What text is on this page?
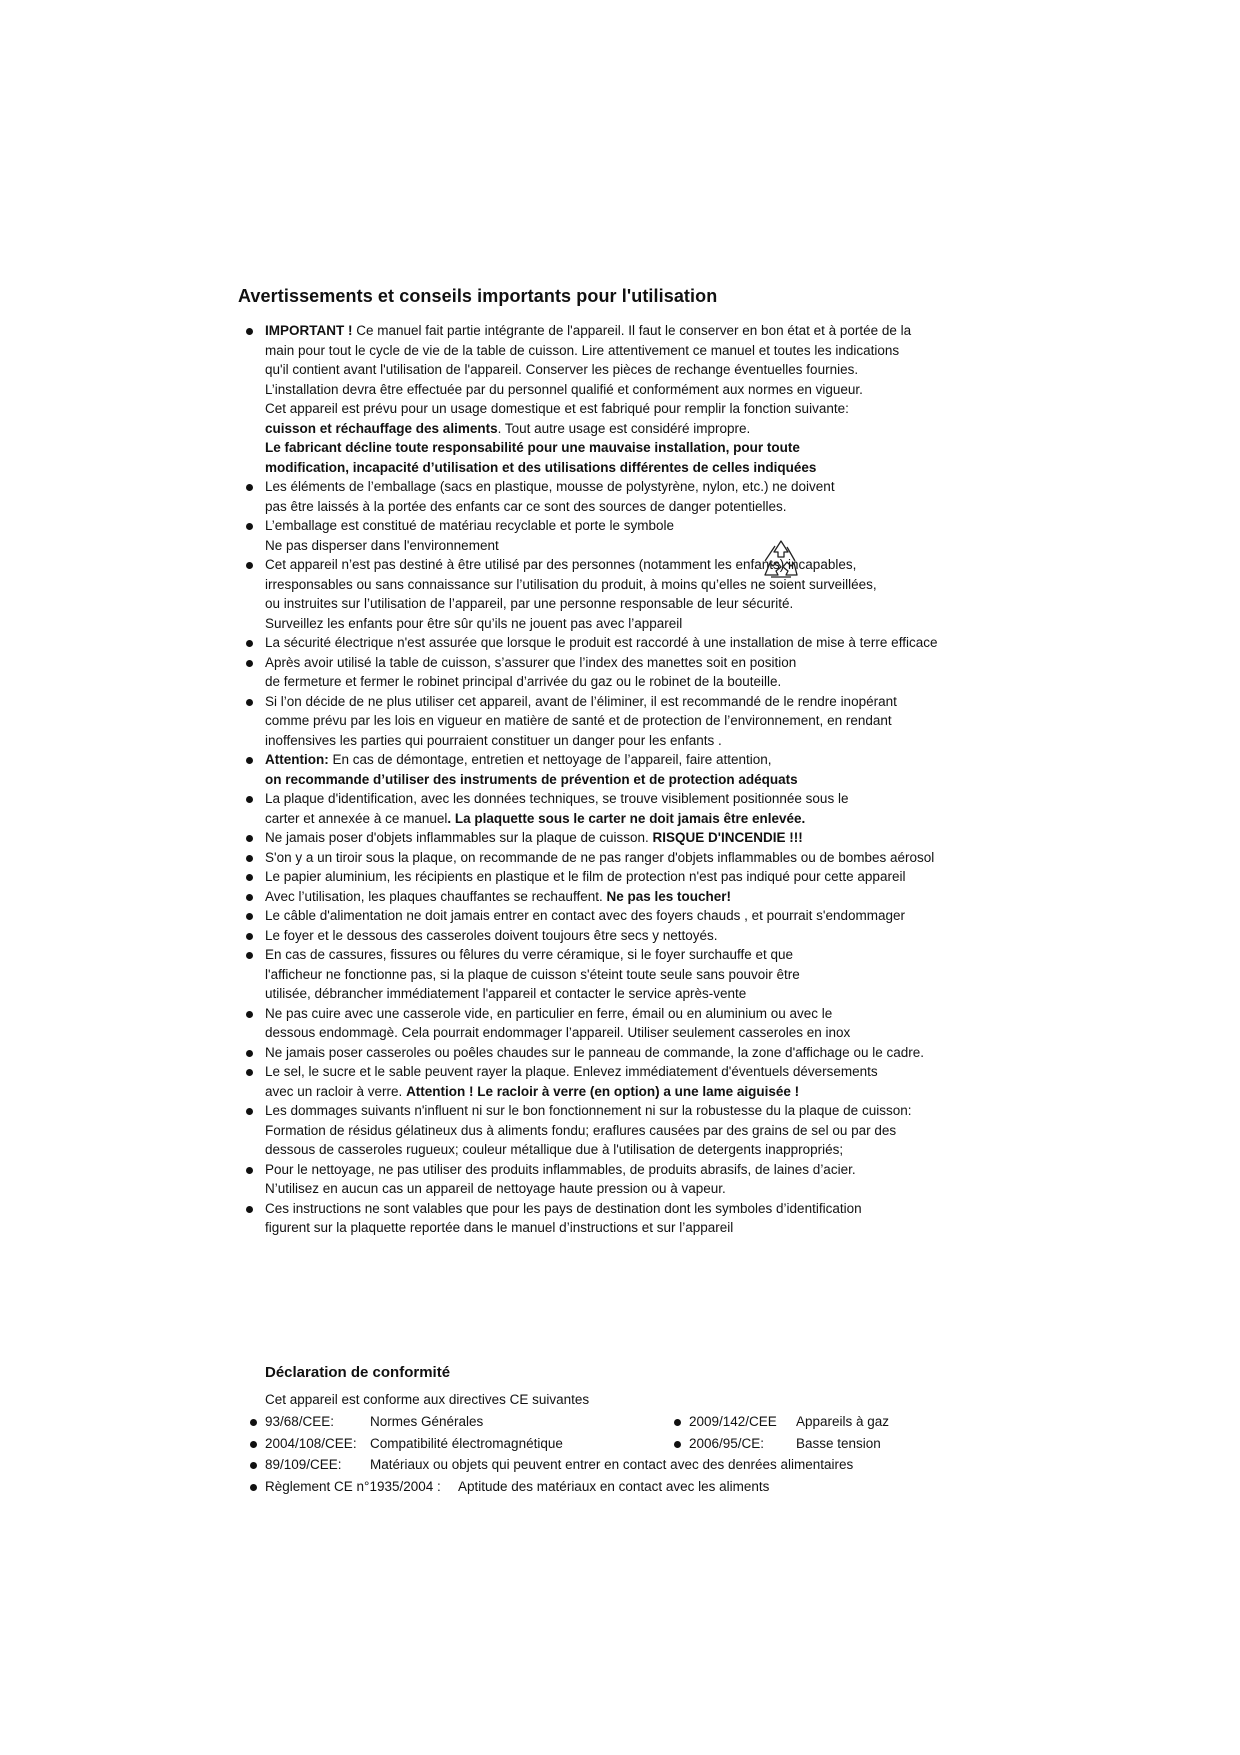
Avertissements et conseils importants pour l'utilisation
IMPORTANT ! Ce manuel fait partie intégrante de l'appareil. Il faut le conserver en bon état et à portée de la
main pour tout le cycle de vie de la table de cuisson. Lire attentivement ce manuel et toutes les indications
qu'il contient avant l'utilisation de l'appareil. Conserver les pièces de rechange éventuelles fournies.
L’installation devra être effectuée par du personnel qualifié et conformément aux normes en vigueur.
Cet appareil est prévu pour un usage domestique et est fabriqué pour remplir la fonction suivante:
cuisson et réchauffage des aliments. Tout autre usage est considéré impropre.
Le fabricant décline toute responsabilité pour une mauvaise installation, pour toute
modification, incapacité d’utilisation et des utilisations différentes de celles indiquées
Les éléments de l’emballage (sacs en plastique, mousse de polystyrène, nylon, etc.) ne doivent
pas être laissés à la portée des enfants car ce sont des sources de danger potentielles.
L’emballage est constitué de matériau recyclable et porte le symbole
Ne pas disperser dans l'environnement
Cet appareil n’est pas destiné à être utilisé par des personnes (notamment les enfants) incapables,
irresponsables ou sans connaissance sur l’utilisation du produit, à moins qu’elles ne soient surveillées,
ou instruites sur l’utilisation de l’appareil, par une personne responsable de leur sécurité.
Surveillez les enfants pour être sûr qu’ils ne jouent pas avec l’appareil
La sécurité électrique n'est assurée que lorsque le produit est raccordé à une installation de mise à terre efficace
Après avoir utilisé la table de cuisson, s’assurer que l’index des manettes soit en position
de fermeture et fermer le robinet principal d’arrivée du gaz ou le robinet de la bouteille.
Si l’on décide de ne plus utiliser cet appareil, avant de l’éliminer, il est recommandé de le rendre inopérant
comme prévu par les lois en vigueur en matière de santé et de protection de l’environnement, en rendant
inoffensives les parties qui pourraient constituer un danger pour les enfants .
Attention: En cas de démontage, entretien et nettoyage de l’appareil, faire attention,
on recommande d’utiliser des instruments de prévention et de protection adéquats
La plaque d'identification, avec les données techniques, se trouve visiblement positionnée sous le
carter et annexée à ce manuel. La plaquette sous le carter ne doit jamais être enlevée.
Ne jamais poser d'objets inflammables sur la plaque de cuisson. RISQUE D'INCENDIE !!!
S'on y a un tiroir sous la plaque, on recommande de ne pas ranger d'objets inflammables ou de bombes aérosol
Le papier aluminium, les récipients en plastique et le film de protection n'est pas indiqué pour cette appareil
Avec l’utilisation, les plaques chauffantes se rechauffent. Ne pas les toucher!
Le câble d'alimentation ne doit jamais entrer en contact avec des foyers chauds , et pourrait s'endommager
Le foyer et le dessous des casseroles doivent toujours être secs y nettoyés.
En cas de cassures, fissures ou fêlures du verre céramique, si le foyer surchauffe et que
l'afficheur ne fonctionne pas, si la plaque de cuisson s'éteint toute seule sans pouvoir être
utilisée, débrancher immédiatement l'appareil et contacter le service après-vente
Ne pas cuire avec une casserole vide, en particulier en ferre, émail ou en aluminium ou avec le
dessous endommagè. Cela pourrait endommager l’appareil. Utiliser seulement casseroles en inox
Ne jamais poser casseroles ou poêles chaudes sur le panneau de commande, la zone d'affichage ou le cadre.
Le sel, le sucre et le sable peuvent rayer la plaque. Enlevez immédiatement d'éventuels déversements
avec un racloir à verre. Attention ! Le racloir à verre (en option) a une lame aiguisée !
Les dommages suivants n'influent ni sur le bon fonctionnement ni sur la robustesse du la plaque de cuisson:
Formation de résidus gélatineux dus à aliments fondu; eraflures causées par des grains de sel ou par des
dessous de casseroles rugueux; couleur métallique due à l'utilisation de detergents inappropriés;
Pour le nettoyage, ne pas utiliser des produits inflammables, de produits abrasifs, de laines d’acier.
N’utilisez en aucun cas un appareil de nettoyage haute pression ou à vapeur.
Ces instructions ne sont valables que pour les pays de destination dont les symboles d’identification
figurent sur la plaquette reportée dans le manuel d’instructions et sur l’appareil
Déclaration de conformité
Cet appareil est conforme aux directives CE suivantes
93/68/CEE:	Normes Générales	2009/142/CEE Appareils à gaz
2004/108/CEE: Compatibilité électromagnétique	2006/95/CE: Basse tension
89/109/CEE: Matériaux ou objets qui peuvent entrer en contact avec des denrées alimentaires
Règlement CE n°1935/2004 : Aptitude des matériaux en contact avec les aliments
